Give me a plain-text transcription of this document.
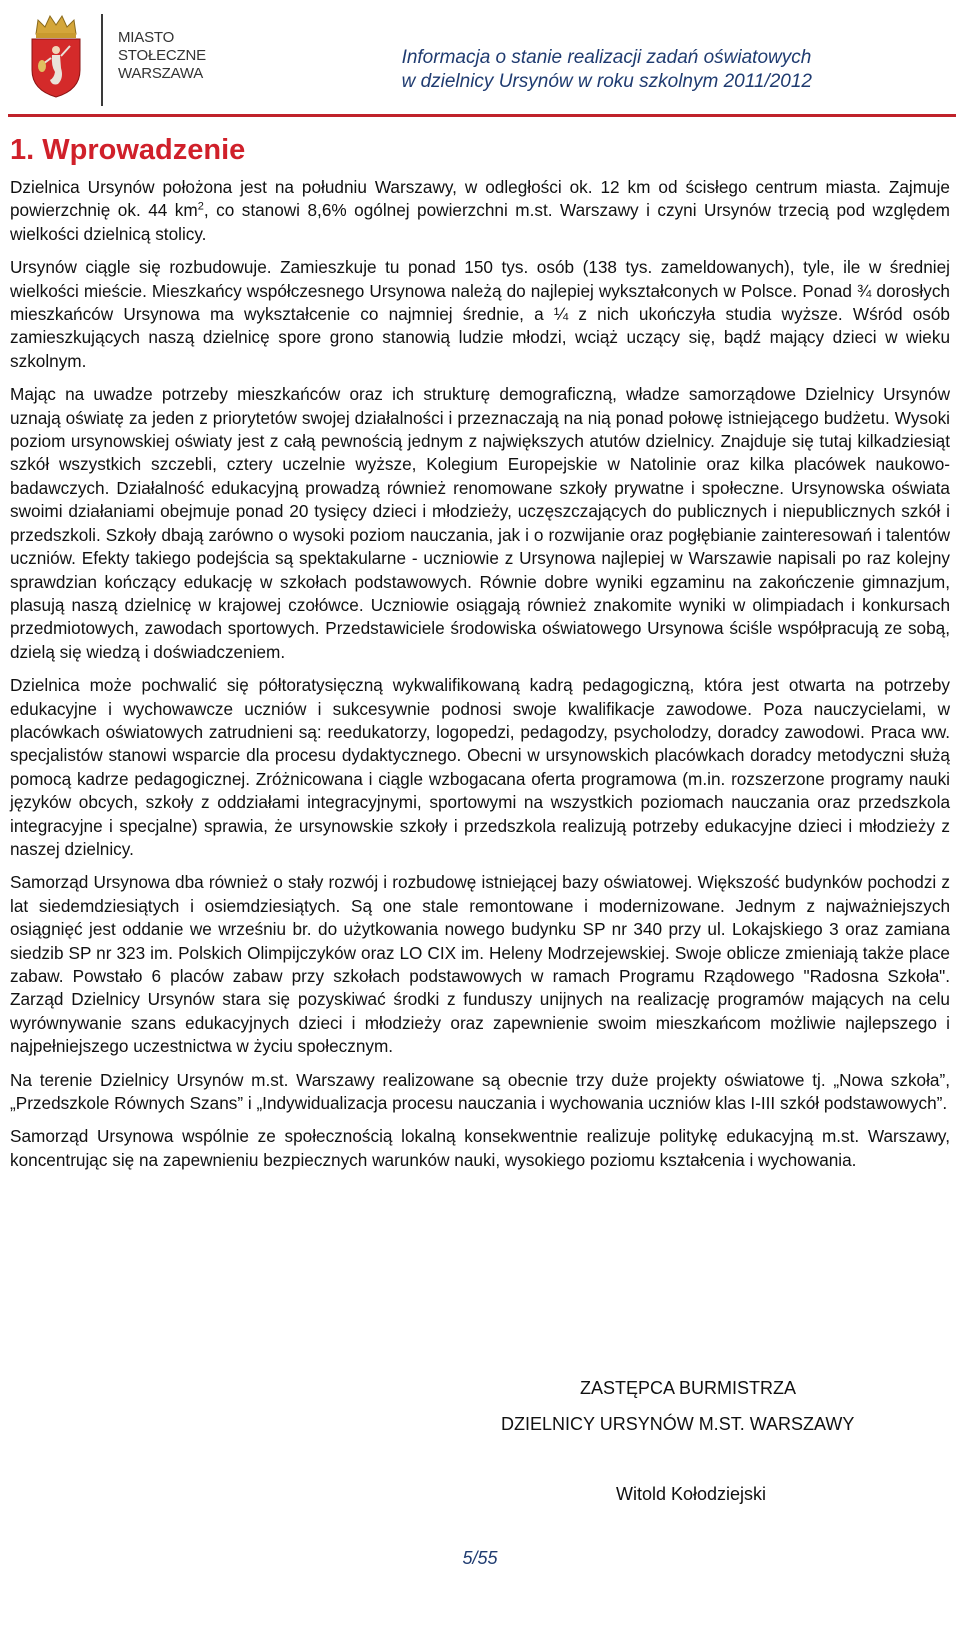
MIASTO
STOŁECZNE
WARSZAWA
Informacja o stanie realizacji zadań oświatowych
w dzielnicy Ursynów w roku szkolnym 2011/2012
1. Wprowadzenie

Dzielnica Ursynów położona jest na południu Warszawy, w odległości ok. 12 km od ścisłego centrum miasta. Zajmuje powierzchnię ok. 44 $km^2$, co stanowi 8,6% ogólnej powierzchni m.st. Warszawy i czyni Ursynów trzecią pod względem wielkości dzielnicą stolicy.

Ursynów ciągle się rozbudowuje. Zamieszkuje tu ponad 150 tys. osób (138 tys. zameldowanych), tyle, ile w średniej wielkości mieście. Mieszkańcy współczesnego Ursynowa należą do najlepiej wykształconych w Polsce. Ponad ¾ dorosłych mieszkańców Ursynowa ma wykształcenie co najmniej średnie, a ¼ z nich ukończyła studia wyższe. Wśród osób zamieszkujących naszą dzielnicę spore grono stanowią ludzie młodzi, wciąż uczący się, bądź mający dzieci w wieku szkolnym.

Mając na uwadze potrzeby mieszkańców oraz ich strukturę demograficzną, władze samorządowe Dzielnicy Ursynów uznają oświatę za jeden z priorytetów swojej działalności i przeznaczają na nią ponad połowę istniejącego budżetu. Wysoki poziom ursynowskiej oświaty jest z całą pewnością jednym z największych atutów dzielnicy. Znajduje się tutaj kilkadziesiąt szkół wszystkich szczebli, cztery uczelnie wyższe, Kolegium Europejskie w Natolinie oraz kilka placówek naukowo-badawczych. Działalność edukacyjną prowadzą również renomowane szkoły prywatne i społeczne. Ursynowska oświata swoimi działaniami obejmuje ponad 20 tysięcy dzieci i młodzieży, uczęszczających do publicznych i niepublicznych szkół i przedszkoli. Szkoły dbają zarówno o wysoki poziom nauczania, jak i o rozwijanie oraz pogłębianie zainteresowań i talentów uczniów. Efekty takiego podejścia są spektakularne - uczniowie z Ursynowa najlepiej w Warszawie napisali po raz kolejny sprawdzian kończący edukację w szkołach podstawowych. Równie dobre wyniki egzaminu na zakończenie gimnazjum, plasują naszą dzielnicę w krajowej czołówce. Uczniowie osiągają również znakomite wyniki w olimpiadach i konkursach przedmiotowych, zawodach sportowych. Przedstawiciele środowiska oświatowego Ursynowa ściśle współpracują ze sobą, dzielą się wiedzą i doświadczeniem.

Dzielnica może pochwalić się półtoratysięczną wykwalifikowaną kadrą pedagogiczną, która jest otwarta na potrzeby edukacyjne i wychowawcze uczniów i sukcesywnie podnosi swoje kwalifikacje zawodowe. Poza nauczycielami, w placówkach oświatowych zatrudnieni są: reedukatorzy, logopedzi, pedagodzy, psycholodzy, doradcy zawodowi. Praca ww. specjalistów stanowi wsparcie dla procesu dydaktycznego. Obecni w ursynowskich placówkach doradcy metodyczni służą pomocą kadrze pedagogicznej. Zróżnicowana i ciągle wzbogacana oferta programowa (m.in. rozszerzone programy nauki języków obcych, szkoły z oddziałami integracyjnymi, sportowymi na wszystkich poziomach nauczania oraz przedszkola integracyjne i specjalne) sprawia, że ursynowskie szkoły i przedszkola realizują potrzeby edukacyjne dzieci i młodzieży z naszej dzielnicy.

Samorząd Ursynowa dba również o stały rozwój i rozbudowę istniejącej bazy oświatowej. Większość budynków pochodzi z lat siedemdziesiątych i osiemdziesiątych. Są one stale remontowane i modernizowane. Jednym z najważniejszych osiągnięć jest oddanie we wrześniu br. do użytkowania nowego budynku SP nr 340 przy ul. Lokajskiego 3 oraz zamiana siedzib SP nr 323 im. Polskich Olimpijczyków oraz LO CIX im. Heleny Modrzejewskiej. Swoje oblicze zmieniają także place zabaw. Powstało 6 placów zabaw przy szkołach podstawowych w ramach Programu Rządowego "Radosna Szkoła". Zarząd Dzielnicy Ursynów stara się pozyskiwać środki z funduszy unijnych na realizację programów mających na celu wyrównywanie szans edukacyjnych dzieci i młodzieży oraz zapewnienie swoim mieszkańcom możliwie najlepszego i najpełniejszego uczestnictwa w życiu społecznym.

Na terenie Dzielnicy Ursynów m.st. Warszawy realizowane są obecnie trzy duże projekty oświatowe tj. „Nowa szkoła”, „Przedszkole Równych Szans” i „Indywidualizacja procesu nauczania i wychowania uczniów klas I-III szkół podstawowych”.

Samorząd Ursynowa wspólnie ze społecznością lokalną konsekwentnie realizuje politykę edukacyjną m.st. Warszawy, koncentrując się na zapewnieniu bezpiecznych warunków nauki, wysokiego poziomu kształcenia i wychowania.

ZASTĘPCA BURMISTRZA
DZIELNICY URSYNÓW M.ST. WARSZAWY
Witold Kołodziejski
5/55
